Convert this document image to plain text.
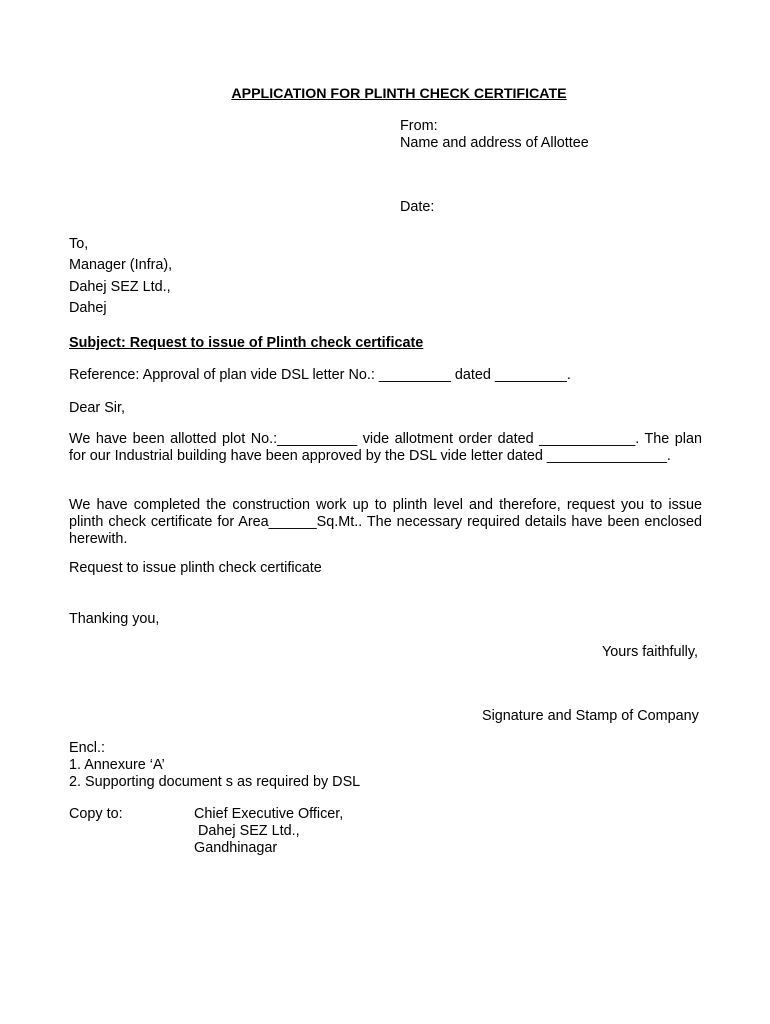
APPLICATION FOR PLINTH CHECK CERTIFICATE
From:
Name and address of Allottee
Date:
To,
Manager (Infra),
Dahej SEZ Ltd.,
Dahej
Subject: Request to issue of Plinth check certificate
Reference: Approval of plan vide DSL letter No.: _________ dated _________.
Dear Sir,
We have been allotted plot No.:__________ vide allotment order dated ____________. The plan for our Industrial building have been approved by the DSL vide letter dated _______________.
We have completed the construction work up to plinth level and therefore, request you to issue plinth check certificate for Area______Sq.Mt.. The necessary required details have been enclosed herewith.
Request to issue plinth check certificate
Thanking you,
Yours faithfully,
Signature and Stamp of Company
Encl.:
1. Annexure ‘A’
2. Supporting document s as required by DSL
Copy to:	Chief Executive Officer,
Dahej SEZ Ltd.,
Gandhinagar
